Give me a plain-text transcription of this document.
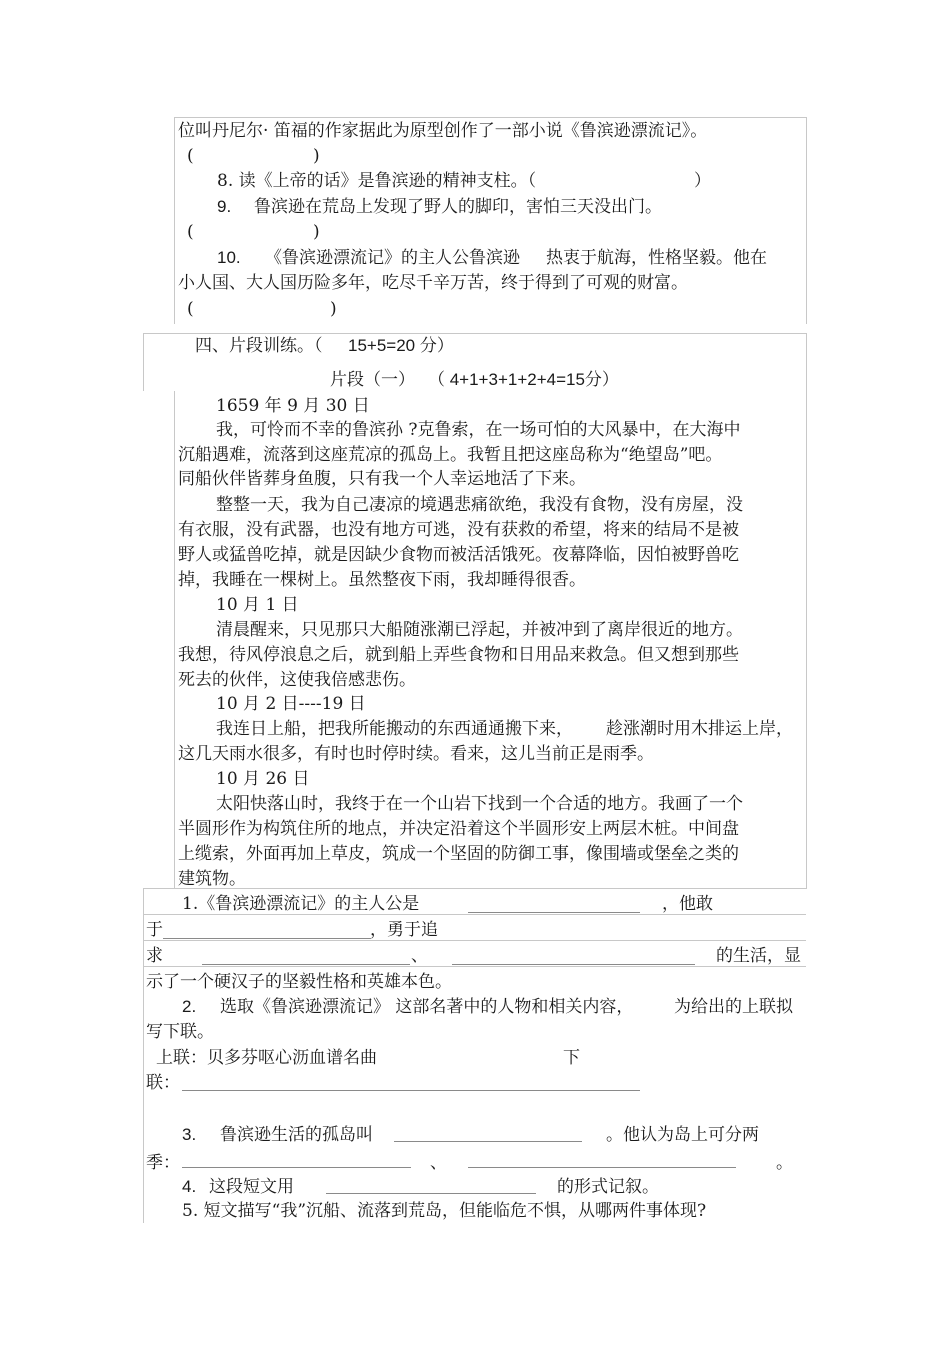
位叫丹尼尔· 笛福的作家据此为原型创作了一部小说《鲁滨逊漂流记》。
(	)
8. 读《上帝的话》是鲁滨逊的精神支柱。（	）
9. 鲁滨逊在荒岛上发现了野人的脚印，害怕三天没出门。
(	)
10. 《鲁滨逊漂流记》的主人公鲁滨逊 热衷于航海，性格坚毅。他在
小人国、大人国历险多年，吃尽千辛万苦，终于得到了可观的财富。
(	)
四、片段训练。（ 15+5=20 分）
片段（一） （ 4+1+3+1+2+4=15分）
1659 年 9 月 30 日
我，可怜而不幸的鲁滨孙 ?克鲁索，在一场可怕的大风暴中，在大海中
沉船遇难，流落到这座荒凉的孤岛上。我暂且把这座岛称为“绝望岛”吧。
同船伙伴皆葬身鱼腹，只有我一个人幸运地活了下来。
整整一天，我为自己凄凉的境遇悲痛欲绝，我没有食物，没有房屋，没
有衣服，没有武器，也没有地方可逃，没有获救的希望，将来的结局不是被
野人或猛兽吃掉，就是因缺少食物而被活活饿死。夜幕降临，因怕被野兽吃
掉，我睡在一棵树上。虽然整夜下雨，我却睡得很香。
10 月 1 日
清晨醒来，只见那只大船随涨潮已浮起，并被冲到了离岸很近的地方。
我想，待风停浪息之后，就到船上弄些食物和日用品来救急。但又想到那些
死去的伙伴，这使我倍感悲伤。
10 月 2 日----19 日
我连日上船，把我所能搬动的东西通通搬下来， 趁涨潮时用木排运上岸，
这几天雨水很多，有时也时停时续。看来，这儿当前正是雨季。
10 月 26 日
太阳快落山时，我终于在一个山岩下找到一个合适的地方。我画了一个
半圆形作为构筑住所的地点，并决定沿着这个半圆形安上两层木桩。中间盘
上缆索，外面再加上草皮，筑成一个坚固的防御工事，像围墙或堡垒之类的
建筑物。
1.《鲁滨逊漂流记》的主人公是	，他敢
于	，勇于追
求	、	的生活，显
示了一个硬汉子的坚毅性格和英雄本色。
2. 选取《鲁滨逊漂流记》 这部名著中的人物和相关内容， 为给出的上联拟
写下联。
上联：贝多芬呕心沥血谱名曲	下
联：
3. 鲁滨逊生活的孤岛叫	。他认为岛上可分两
季：	、	。
4. 这段短文用	的形式记叙。
5. 短文描写“我”沉船、流落到荒岛，但能临危不惧，从哪两件事体现?
